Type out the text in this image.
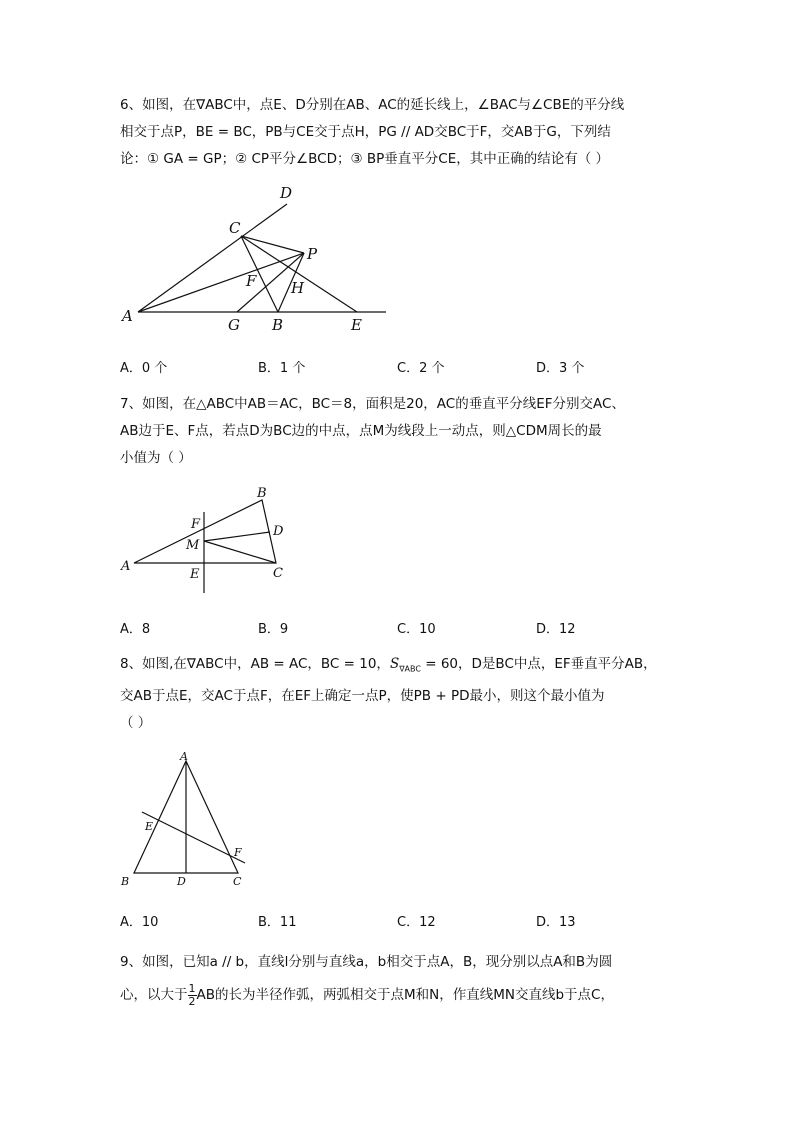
6、如图，在∇ABC中，点E、D分别在AB、AC的延长线上，∠BAC与∠CBE的平分线

相交于点P，BE = BC，PB与CE交于点H，PG // AD交BC于F，交AB于G，下列结

论：① GA = GP；② CP平分∠BCD；③ BP垂直平分CE，其中正确的结论有（ ）

D
C
P
F H
A	G B	E
A．0 个	B．1 个	C．2 个	D．3 个

7、如图，在△ABC中AB＝AC，BC＝8，面积是20，AC的垂直平分线EF分别交AC、

AB边于E、F点，若点D为BC边的中点，点M为线段上一动点，则△CDM周长的最

小值为（ ）

B
F	D
M
A
E	C
A．8	B．9	C．10	D．12

8、如图,在∇ABC中，AB = AC，BC = 10，$S_{\nabla ABC} = 60$，D是BC中点，EF垂直平分AB，

交AB于点E，交AC于点F，在EF上确定一点P，使PB + PD最小，则这个最小值为

（ ）

A
E
F
B	D	C
A．10	B．11	C．12	D．13

9、如图，已知a // b，直线l分别与直线a，b相交于点A，B，现分别以点A和B为圆

心，以大于 $\frac{1}{2}$ AB的长为半径作弧，两弧相交于点M和N，作直线MN交直线b于点C，
